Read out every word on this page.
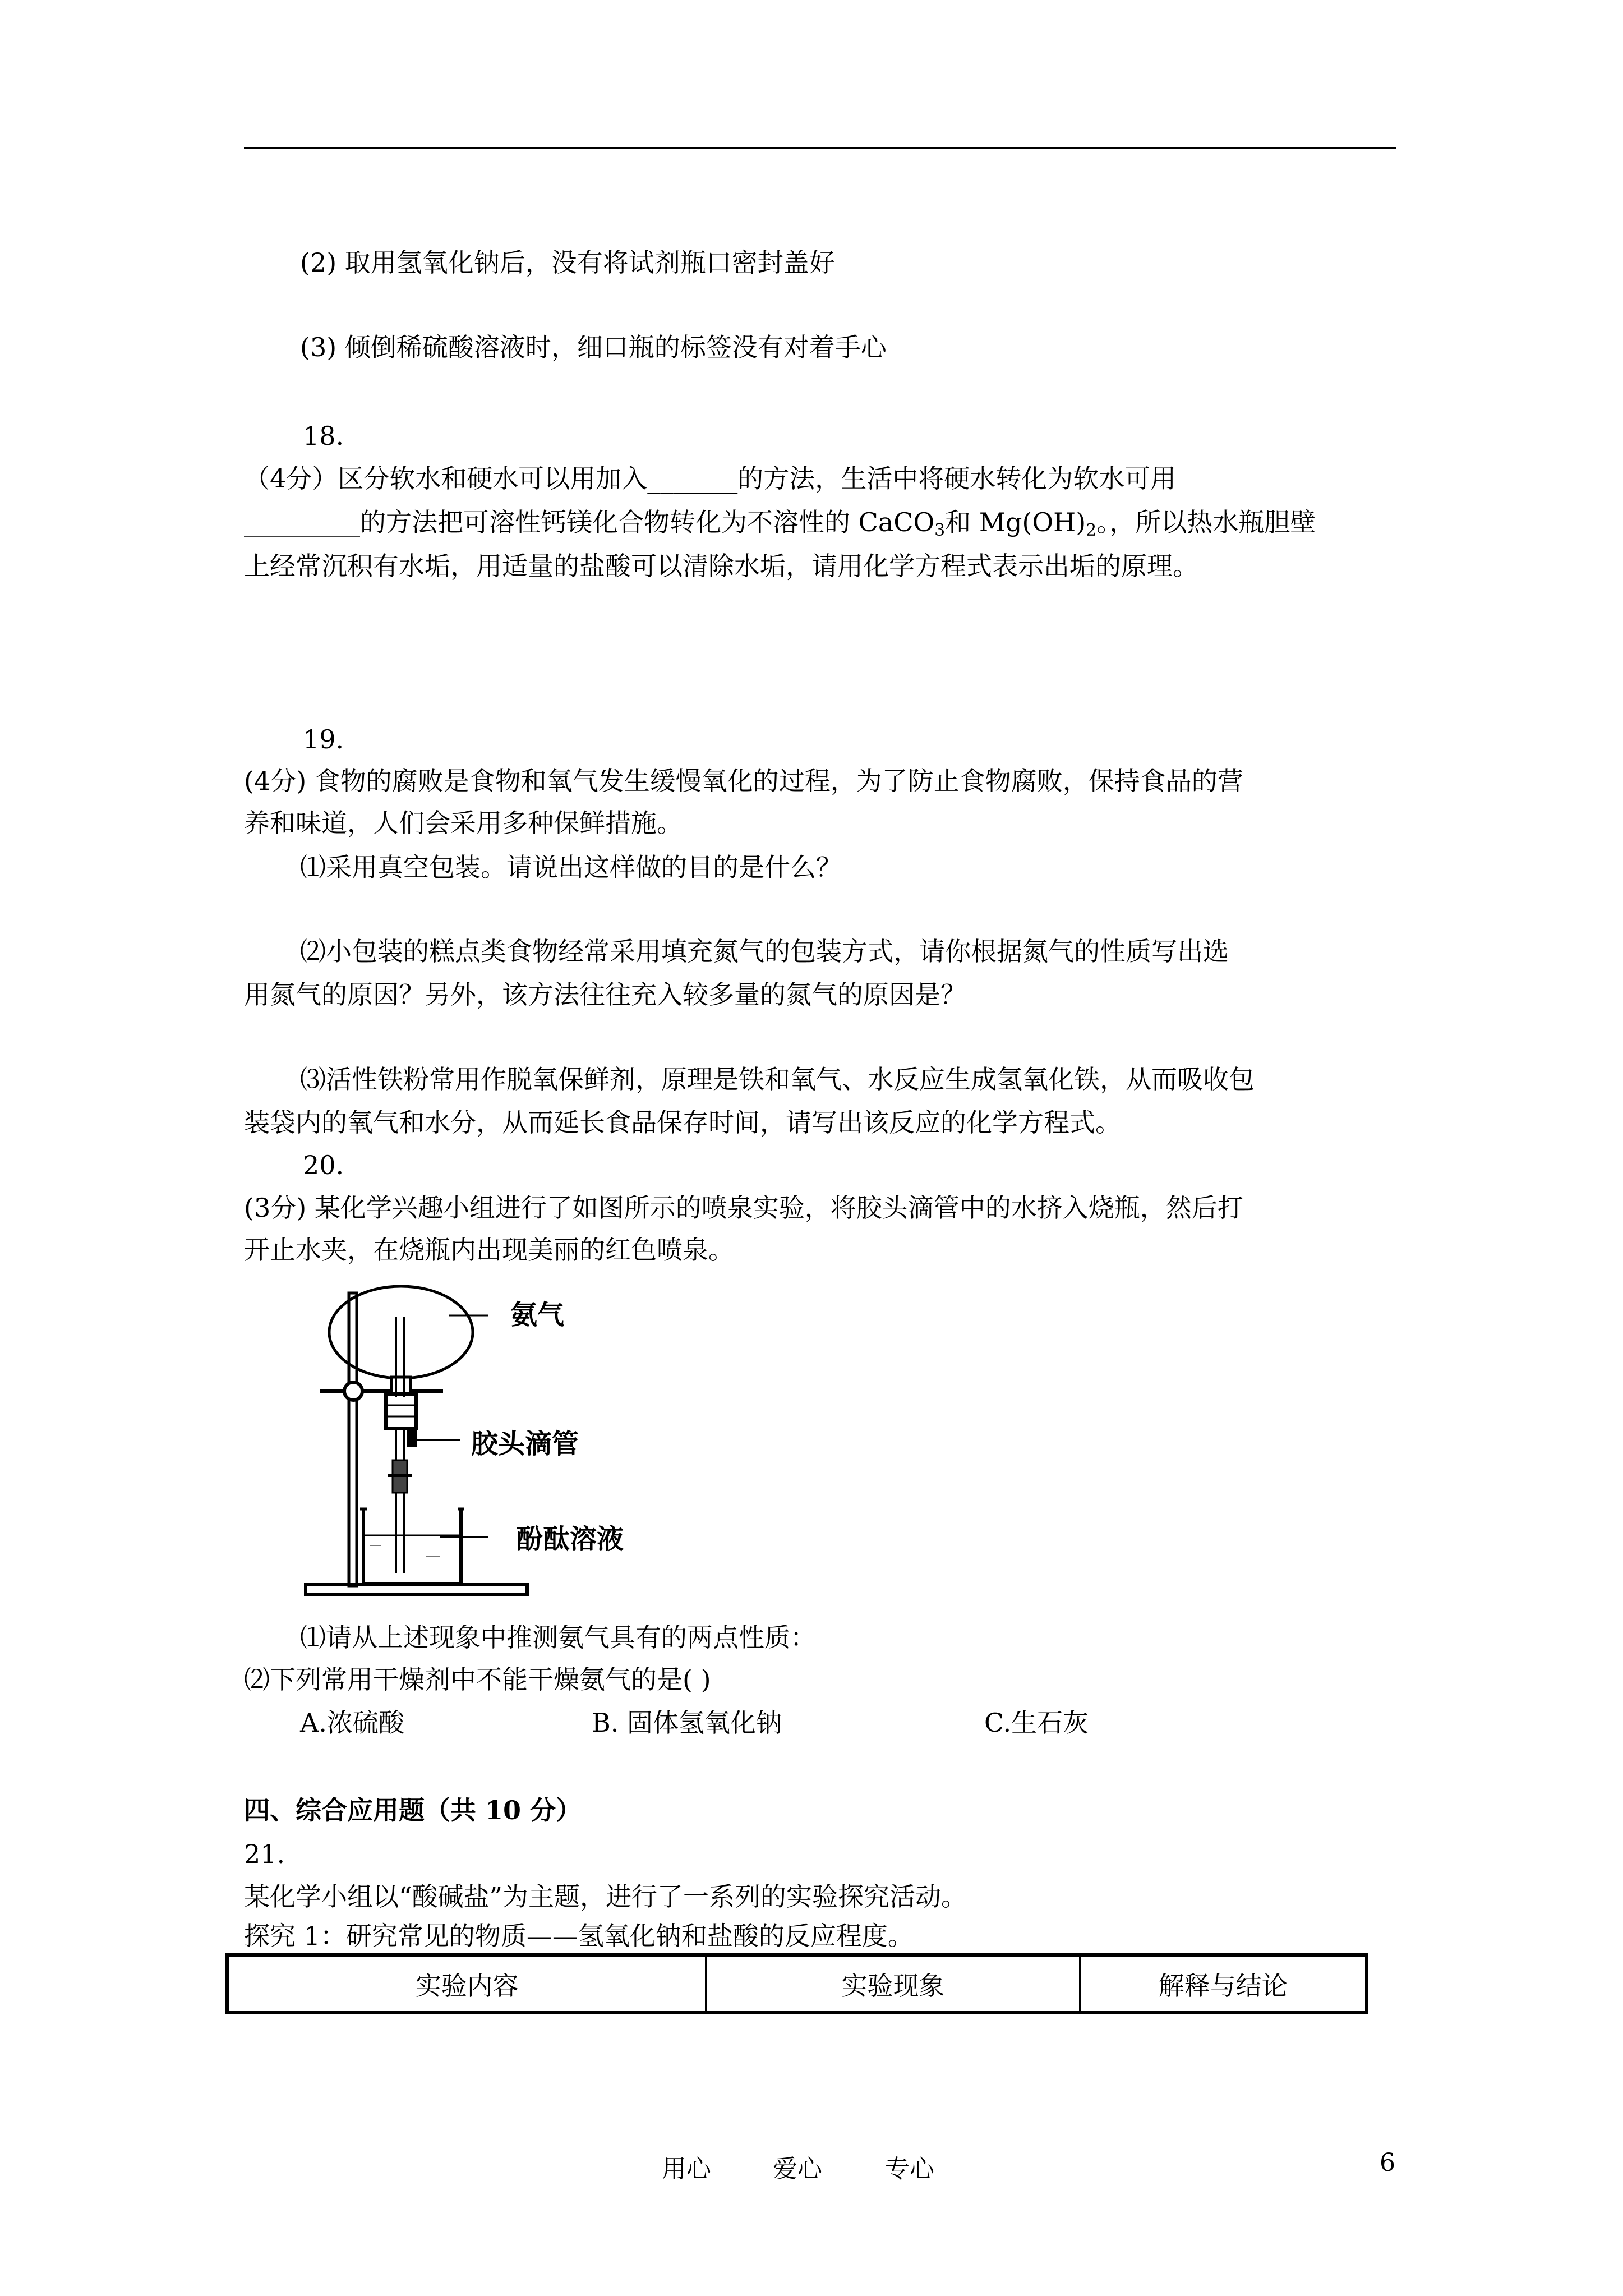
(2) 取用氢氧化钠后，没有将试剂瓶口密封盖好
(3) 倾倒稀硫酸溶液时，细口瓶的标签没有对着手心
18.
（4分）区分软水和硬水可以用加入_______的方法，生活中将硬水转化为软水可用
_________的方法把可溶性钙镁化合物转化为不溶性的 CaCO$_3$和 $Mg(OH)_2$。，所以热水瓶胆壁
上经常沉积有水垢，用适量的盐酸可以清除水垢，请用化学方程式表示出垢的原理。
19.
(4分) 食物的腐败是食物和氧气发生缓慢氧化的过程，为了防止食物腐败，保持食品的营
养和味道，人们会采用多种保鲜措施。
⑴采用真空包装。请说出这样做的目的是什么？
⑵小包装的糕点类食物经常采用填充氮气的包装方式，请你根据氮气的性质写出选
用氮气的原因？另外，该方法往往充入较多量的氮气的原因是？
⑶活性铁粉常用作脱氧保鲜剂，原理是铁和氧气、水反应生成氢氧化铁，从而吸收包
装袋内的氧气和水分，从而延长食品保存时间，请写出该反应的化学方程式。
20.
(3分) 某化学兴趣小组进行了如图所示的喷泉实验，将胶头滴管中的水挤入烧瓶，然后打
开止水夹，在烧瓶内出现美丽的红色喷泉。
氨气
胶头滴管
酚酞溶液
⑴请从上述现象中推测氨气具有的两点性质：
⑵下列常用干燥剂中不能干燥氨气的是( )
A.浓硫酸	B. 固体氢氧化钠	C.生石灰
四、综合应用题（共 10 分）
21.
某化学小组以“酸碱盐”为主题，进行了一系列的实验探究活动。
探究 1：研究常见的物质——氢氧化钠和盐酸的反应程度。
实验内容	实验现象	解释与结论
用心	爱心	专心	6
